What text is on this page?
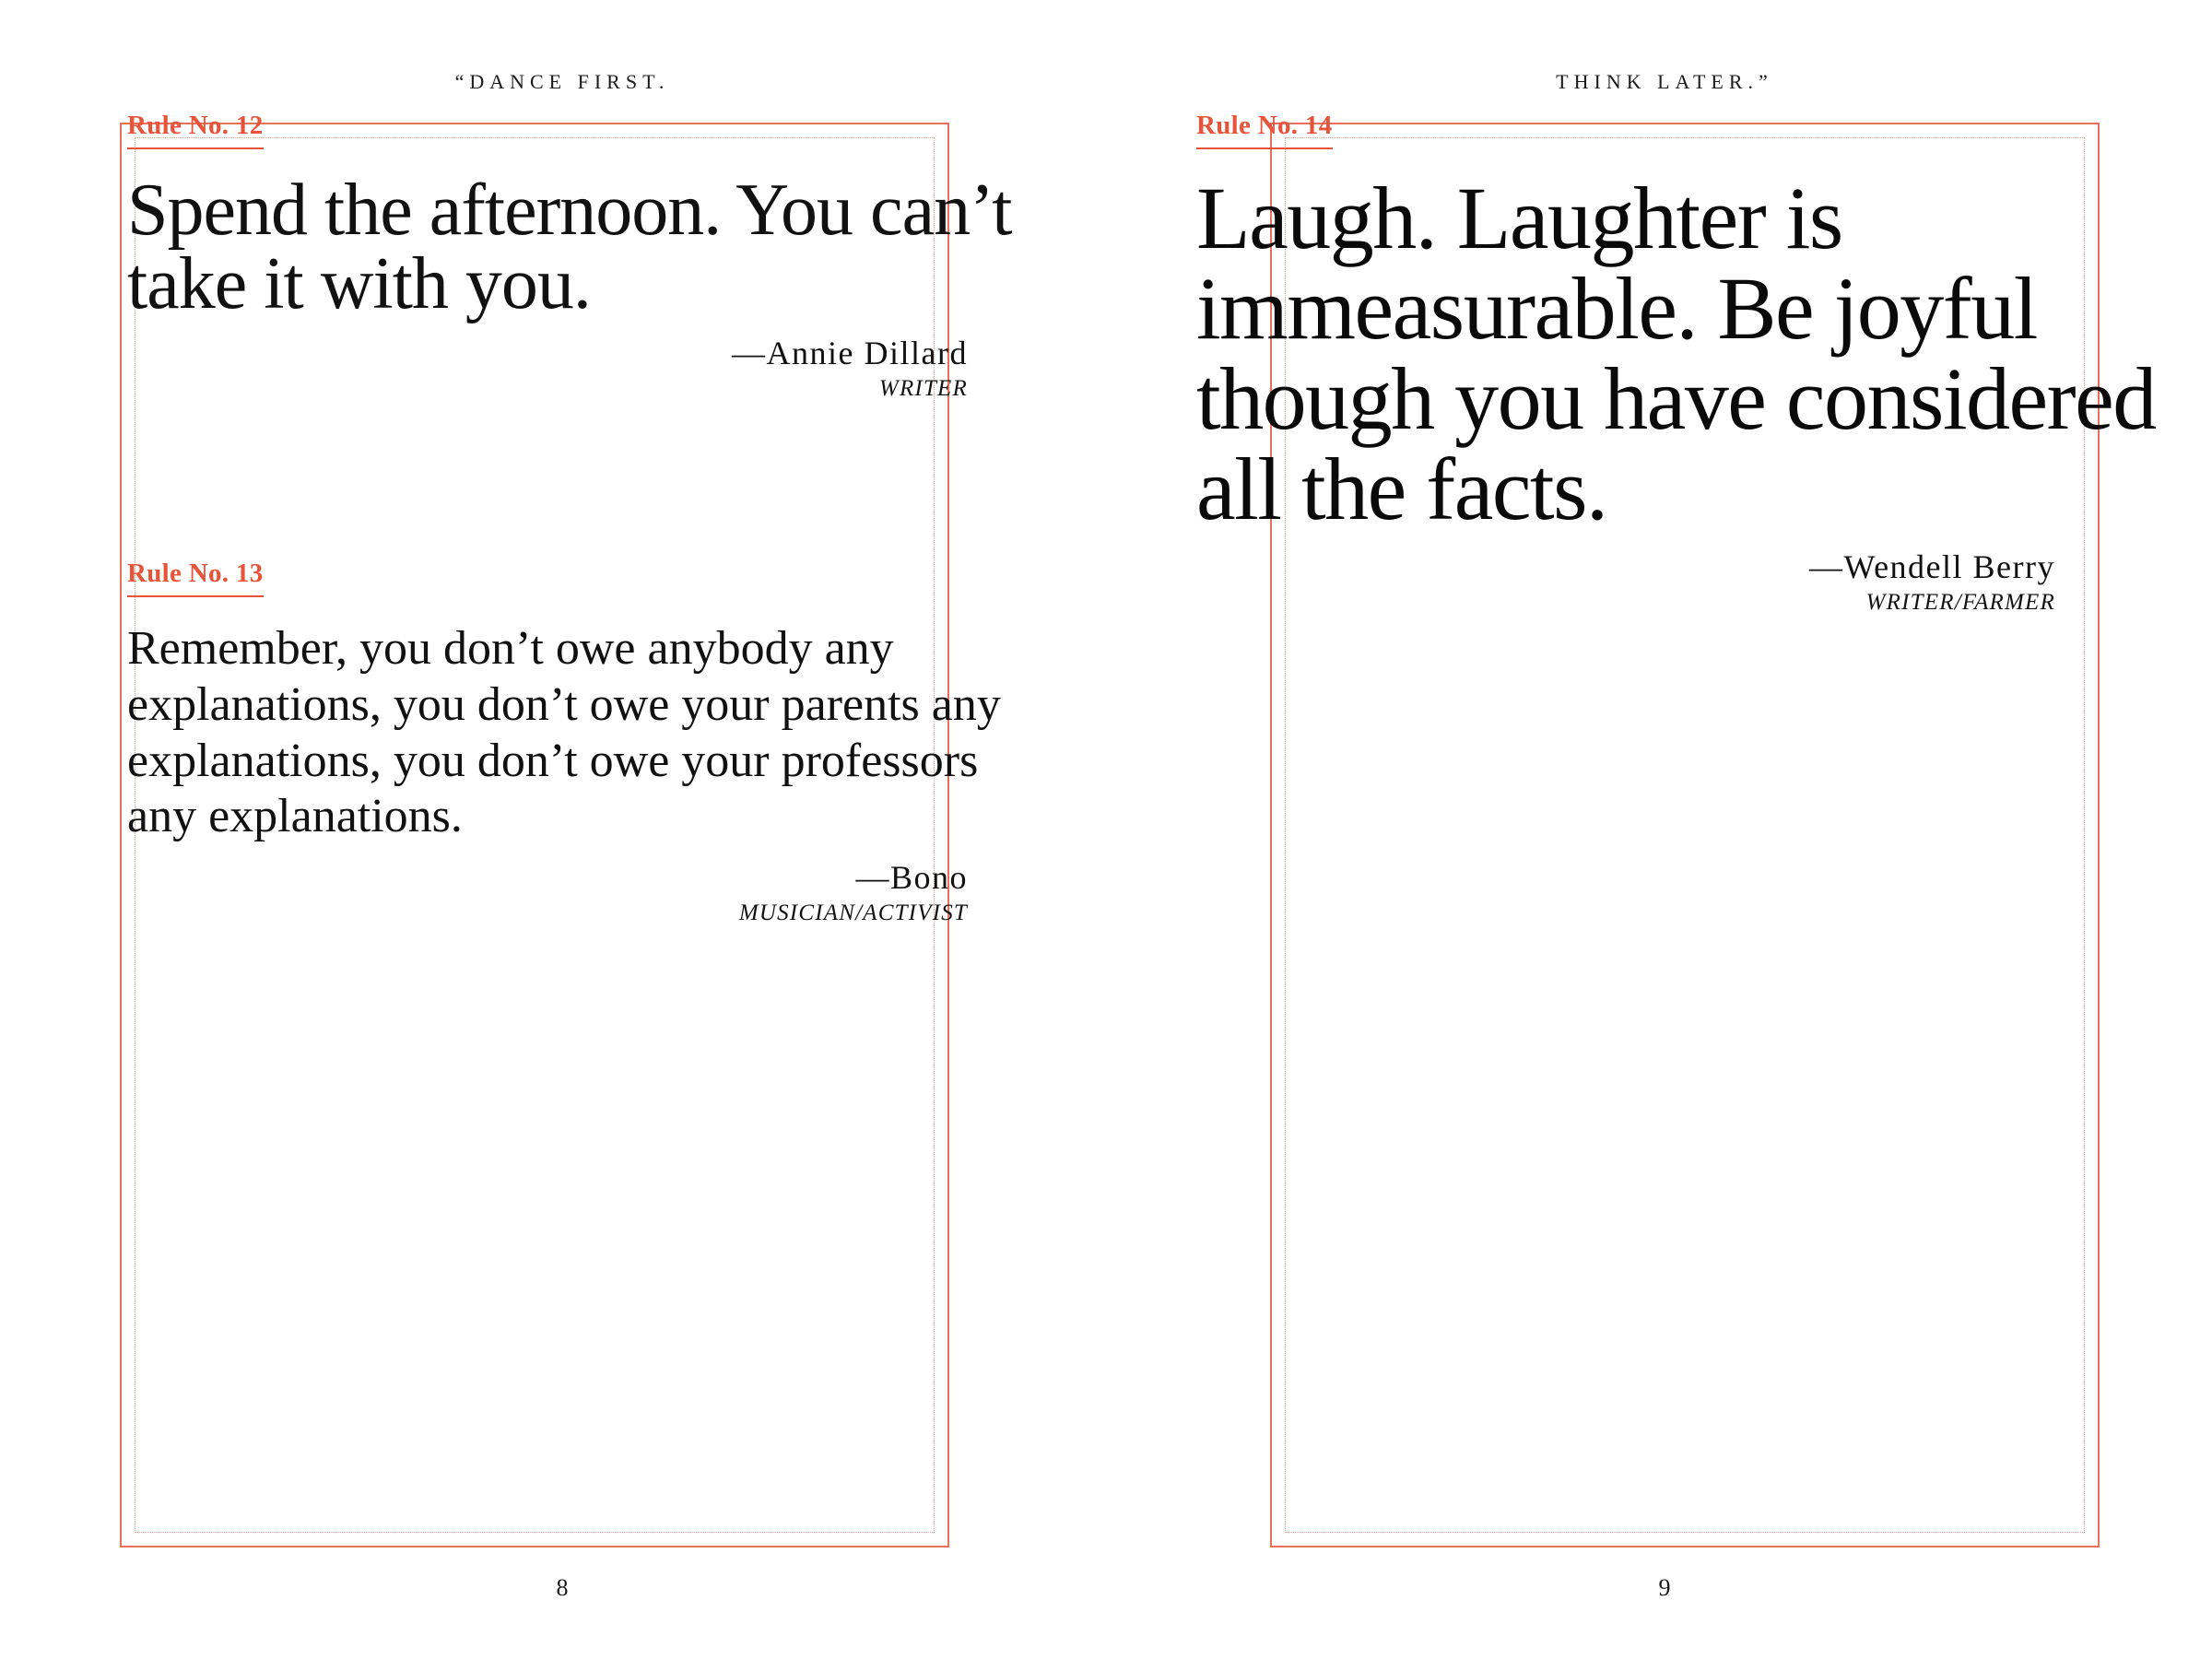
“DANCE FIRST.
Rule No. 12
Spend the afternoon. You can’t take it with you.
—Annie Dillard
WRITER
Rule No. 13
Remember, you don’t owe anybody any explanations, you don’t owe your parents any explanations, you don’t owe your professors any explanations.
—Bono
MUSICIAN/ACTIVIST
8
THINK LATER.”
Rule No. 14
Laugh. Laughter is immeasurable. Be joyful though you have considered all the facts.
—Wendell Berry
WRITER/FARMER
9
